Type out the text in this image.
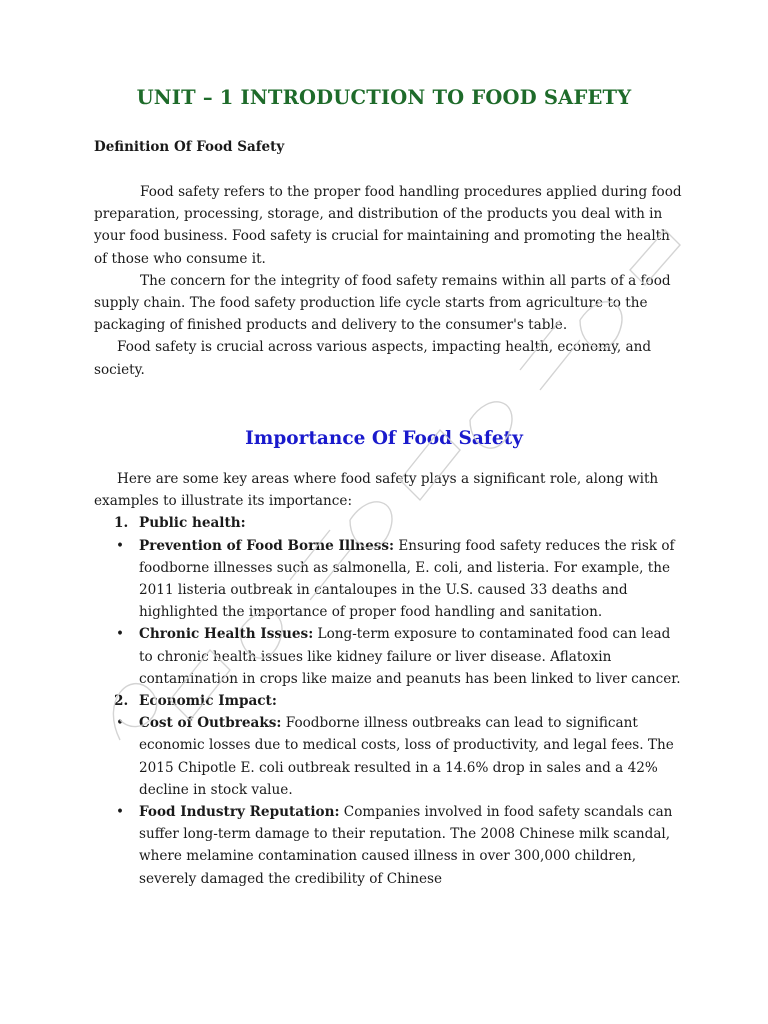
UNIT – 1 INTRODUCTION TO FOOD SAFETY
Definition Of Food Safety

Food safety refers to the proper food handling procedures applied during food preparation, processing, storage, and distribution of the products you deal with in your food business. Food safety is crucial for maintaining and promoting the health of those who consume it.

The concern for the integrity of food safety remains within all parts of a food supply chain. The food safety production life cycle starts from agriculture to the packaging of finished products and delivery to the consumer's table.

Food safety is crucial across various aspects, impacting health, economy, and society.

Importance Of Food Safety

Here are some key areas where food safety plays a significant role, along with examples to illustrate its importance:

1. Public health:
•	Prevention of Food Borne Illness: Ensuring food safety reduces the risk of foodborne illnesses such as salmonella, E. coli, and listeria. For example, the 2011 listeria outbreak in cantaloupes in the U.S. caused 33 deaths and highlighted the importance of proper food handling and sanitation.
•	Chronic Health Issues: Long-term exposure to contaminated food can lead to chronic health issues like kidney failure or liver disease. Aflatoxin contamination in crops like maize and peanuts has been linked to liver cancer.
2. Economic Impact:
•	Cost of Outbreaks: Foodborne illness outbreaks can lead to significant economic losses due to medical costs, loss of productivity, and legal fees. The 2015 Chipotle E. coli outbreak resulted in a 14.6% drop in sales and a 42% decline in stock value.
•	Food Industry Reputation: Companies involved in food safety scandals can suffer long-term damage to their reputation. The 2008 Chinese milk scandal, where melamine contamination caused illness in over 300,000 children, severely damaged the credibility of Chinese
